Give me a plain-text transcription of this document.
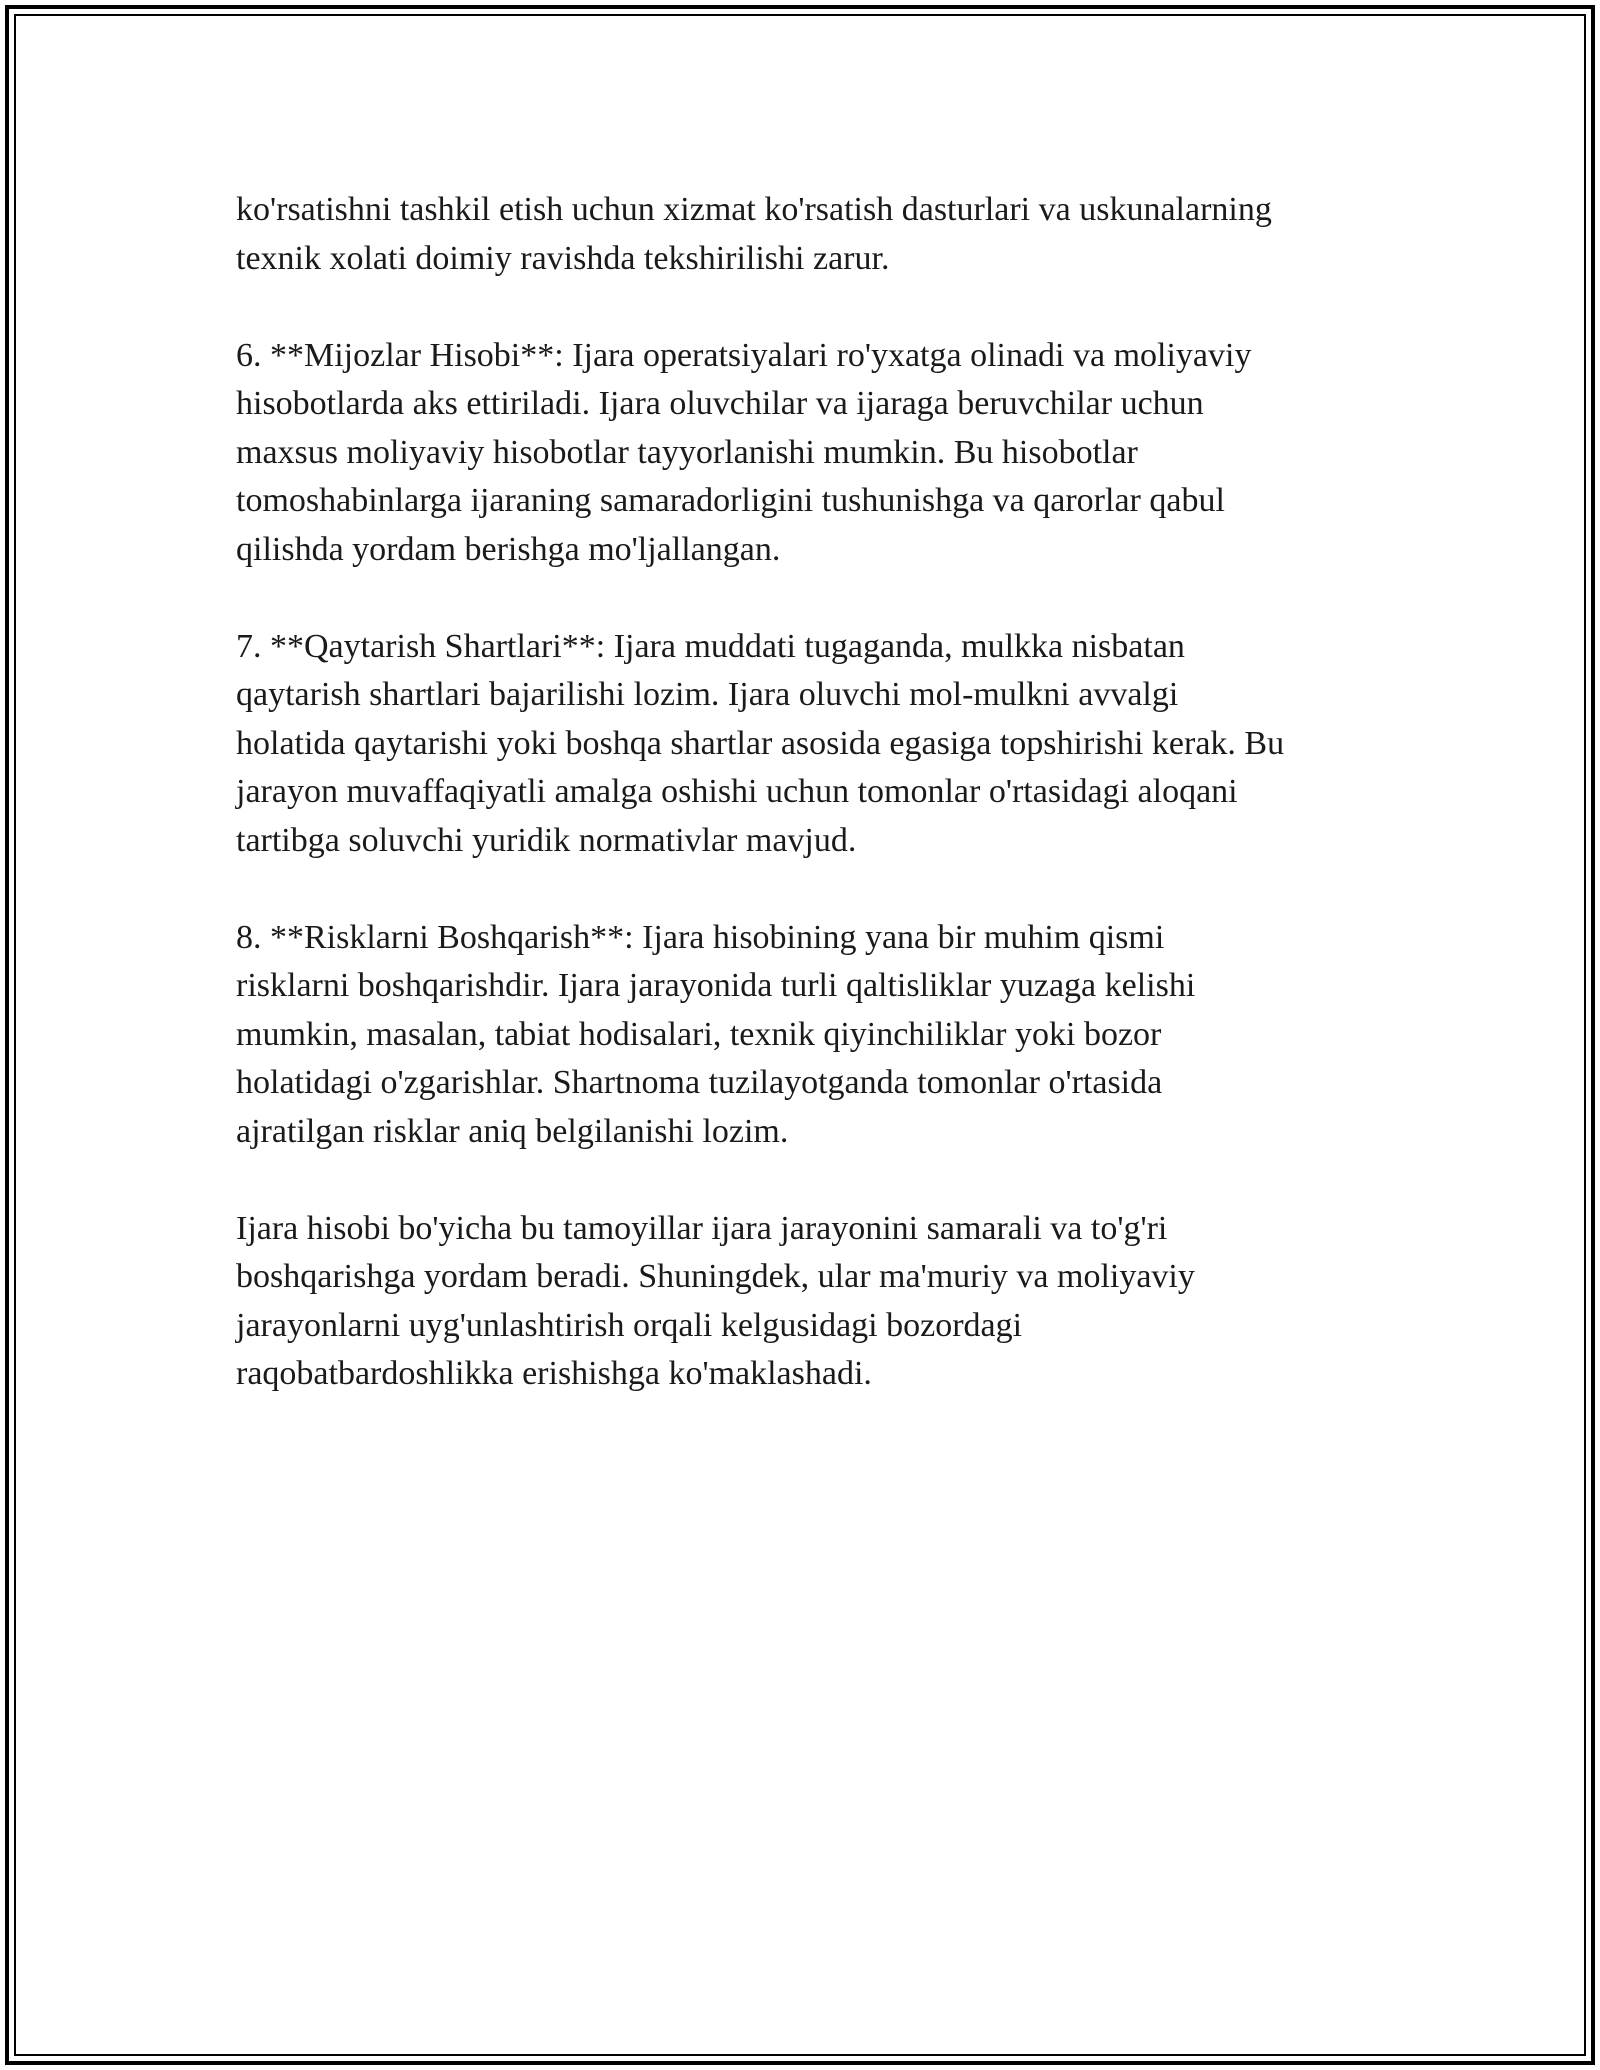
ko'rsatishni tashkil etish uchun xizmat ko'rsatish dasturlari va uskunalarning
texnik xolati doimiy ravishda tekshirilishi zarur.

6. **Mijozlar Hisobi**: Ijara operatsiyalari ro'yxatga olinadi va moliyaviy
hisobotlarda aks ettiriladi. Ijara oluvchilar va ijaraga beruvchilar uchun
maxsus moliyaviy hisobotlar tayyorlanishi mumkin. Bu hisobotlar
tomoshabinlarga ijaraning samaradorligini tushunishga va qarorlar qabul
qilishda yordam berishga mo'ljallangan.

7. **Qaytarish Shartlari**: Ijara muddati tugaganda, mulkka nisbatan
qaytarish shartlari bajarilishi lozim. Ijara oluvchi mol-mulkni avvalgi
holatida qaytarishi yoki boshqa shartlar asosida egasiga topshirishi kerak. Bu
jarayon muvaffaqiyatli amalga oshishi uchun tomonlar o'rtasidagi aloqani
tartibga soluvchi yuridik normativlar mavjud.

8. **Risklarni Boshqarish**: Ijara hisobining yana bir muhim qismi
risklarni boshqarishdir. Ijara jarayonida turli qaltisliklar yuzaga kelishi
mumkin, masalan, tabiat hodisalari, texnik qiyinchiliklar yoki bozor
holatidagi o'zgarishlar. Shartnoma tuzilayotganda tomonlar o'rtasida
ajratilgan risklar aniq belgilanishi lozim.

Ijara hisobi bo'yicha bu tamoyillar ijara jarayonini samarali va to'g'ri
boshqarishga yordam beradi. Shuningdek, ular ma'muriy va moliyaviy
jarayonlarni uyg'unlashtirish orqali kelgusidagi bozordagi
raqobatbardoshlikka erishishga ko'maklashadi.
